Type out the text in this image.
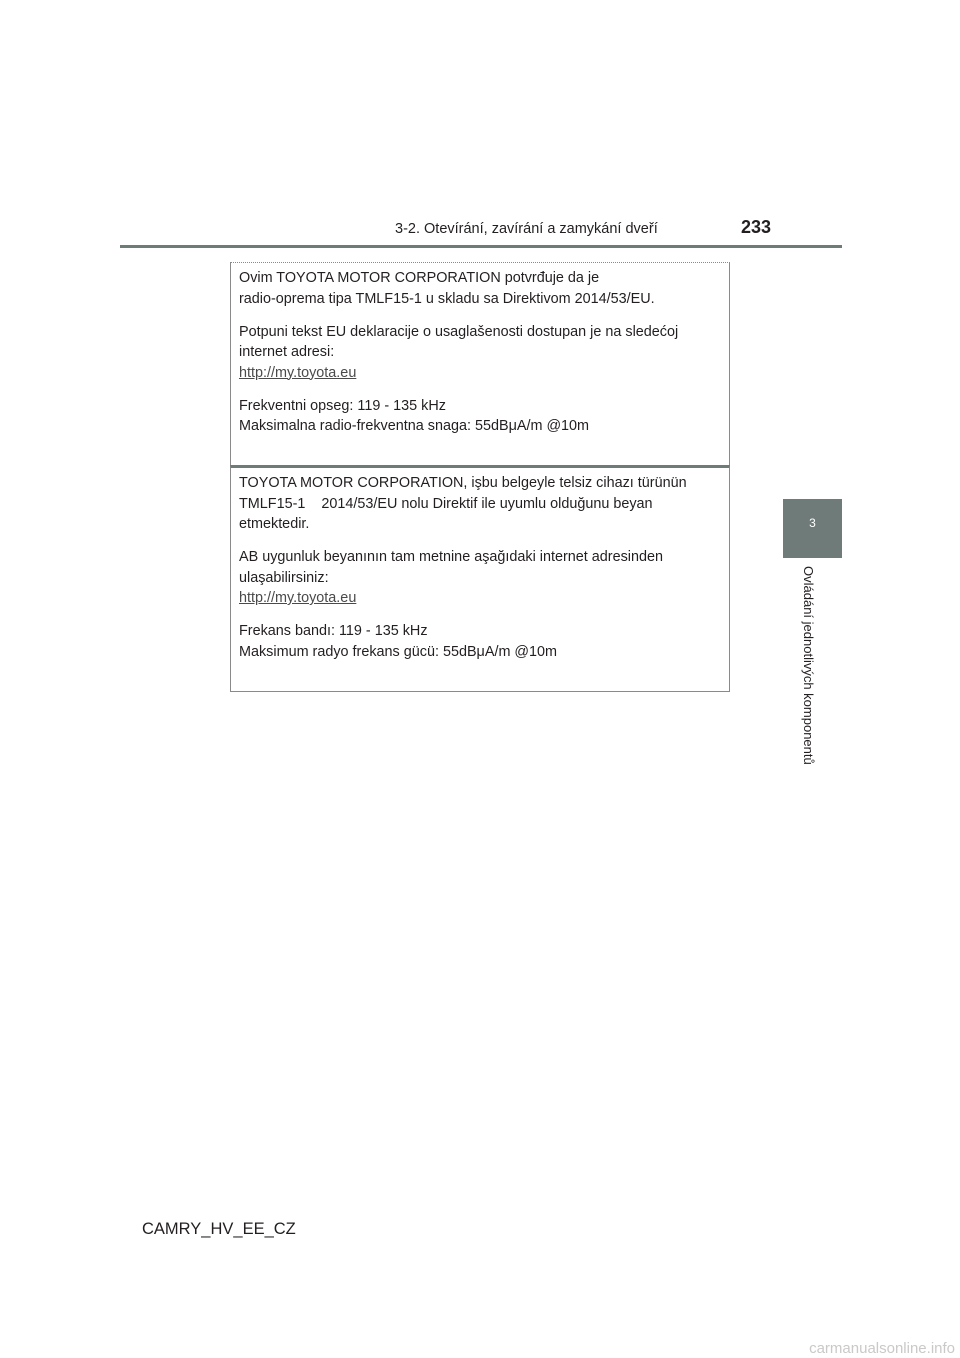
3-2. Otevírání, zavírání a zamykání dveří	233
3
Ovládání jednotlivých komponentů

Ovim TOYOTA MOTOR CORPORATION potvrđuje da je
radio-oprema tipa TMLF15-1 u skladu sa Direktivom 2014/53/EU.

Potpuni tekst EU deklaracije o usaglašenosti dostupan je na sledećoj
internet adresi:
http://my.toyota.eu

Frekventni opseg: 119 - 135 kHz
Maksimalna radio-frekventna snaga: 55dBμA/m @10m

TOYOTA MOTOR CORPORATION, işbu belgeyle telsiz cihazı türünün
TMLF15-1    2014/53/EU nolu Direktif ile uyumlu olduğunu beyan
etmektedir.

AB uygunluk beyanının tam metnine aşağıdaki internet adresinden
ulaşabilirsiniz:
http://my.toyota.eu

Frekans bandı: 119 - 135 kHz
Maksimum radyo frekans gücü: 55dBμA/m @10m

CAMRY_HV_EE_CZ
carmanualsonline.info
